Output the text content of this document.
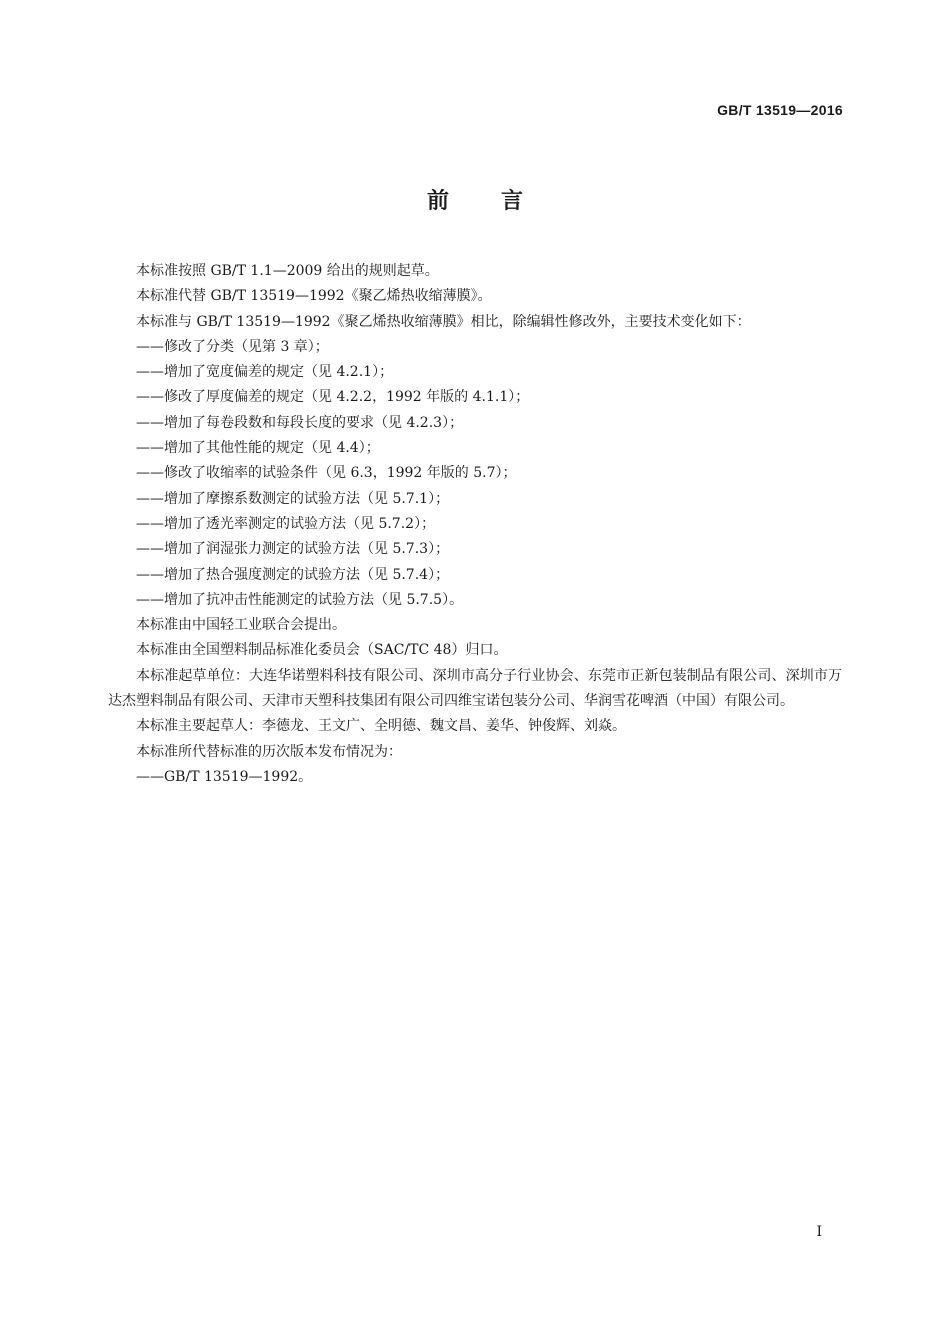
GB/T 13519—2016
前 言

本标准按照 GB/T 1.1—2009 给出的规则起草。

本标准代替 GB/T 13519—1992《聚乙烯热收缩薄膜》。

本标准与 GB/T 13519—1992《聚乙烯热收缩薄膜》相比，除编辑性修改外，主要技术变化如下：

——修改了分类（见第 3 章）；

——增加了宽度偏差的规定（见 4.2.1）；

——修改了厚度偏差的规定（见 4.2.2，1992 年版的 4.1.1）；

——增加了每卷段数和每段长度的要求（见 4.2.3）；

——增加了其他性能的规定（见 4.4）；

——修改了收缩率的试验条件（见 6.3，1992 年版的 5.7）；

——增加了摩擦系数测定的试验方法（见 5.7.1）；

——增加了透光率测定的试验方法（见 5.7.2）；

——增加了润湿张力测定的试验方法（见 5.7.3）；

——增加了热合强度测定的试验方法（见 5.7.4）；

——增加了抗冲击性能测定的试验方法（见 5.7.5）。

本标准由中国轻工业联合会提出。

本标准由全国塑料制品标准化委员会（SAC/TC 48）归口。

本标准起草单位：大连华诺塑料科技有限公司、深圳市高分子行业协会、东莞市正新包装制品有限公司、深圳市万达杰塑料制品有限公司、天津市天塑科技集团有限公司四维宝诺包装分公司、华润雪花啤酒（中国）有限公司。

本标准主要起草人：李德龙、王文广、全明德、魏文昌、姜华、钟俊辉、刘焱。

本标准所代替标准的历次版本发布情况为：

——GB/T 13519—1992。

I
